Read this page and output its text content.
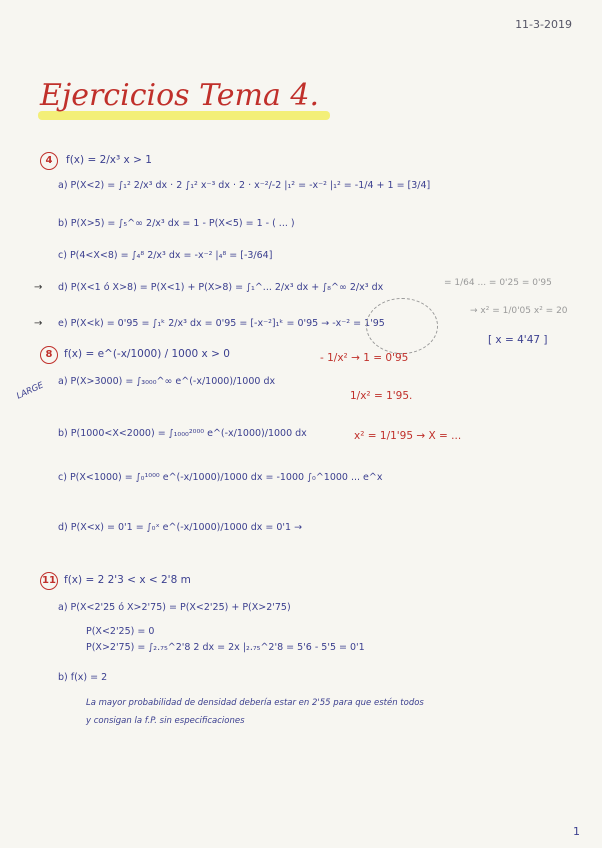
11-3-2019
Ejercicios Tema 4.
4	f(x) = 2/x³ x > 1
a) P(X<2) = ∫₁² 2/x³ dx · 2 ∫₁² x⁻³ dx · 2 · x⁻²/-2 |₁² = -x⁻² |₁² = -1/4 + 1 = [3/4]
b) P(X>5) = ∫₅^∞ 2/x³ dx = 1 - P(X<5) = 1 - ( ... )
c) P(4<X<8) = ∫₄⁸ 2/x³ dx = -x⁻² |₄⁸ = [-3/64]
→ d) P(X<1 ó X>8) = P(X<1) + P(X>8) = ∫₁^... 2/x³ dx + ∫₈^∞ 2/x³ dx	= 1/64 ... = 0'25 = 0'95
→ e) P(X<k) = 0'95 = ∫₁ᵏ 2/x³ dx = 0'95 = [-x⁻²]₁ᵏ = 0'95 → -x⁻² = 1'95
→ x² = 1/0'05 x² = 20
[ x = 4'47 ]
8	f(x) = e^(-x/1000) / 1000 x > 0
LARGE a) P(X>3000) = ∫₃₀₀₀^∞ e^(-x/1000)/1000 dx
b) P(1000<X<2000) = ∫₁₀₀₀²⁰⁰⁰ e^(-x/1000)/1000 dx
c) P(X<1000) = ∫₀¹⁰⁰⁰ e^(-x/1000)/1000 dx = -1000 ∫₀^1000 ... e^x
d) P(X<x) = 0'1 = ∫₀ˣ e^(-x/1000)/1000 dx = 0'1 →
- 1/x² → 1 = 0'95
1/x² = 1'95.
x² = 1/1'95 → X = ...
11 f(x) = 2 2'3 < x < 2'8 m
a) P(X<2'25 ó X>2'75) = P(X<2'25) + P(X>2'75)
P(X<2'25) = 0
P(X>2'75) = ∫₂.₇₅^2'8 2 dx = 2x |₂.₇₅^2'8 = 5'6 - 5'5 = 0'1
b) f(x) = 2
La mayor probabilidad de densidad debería estar en 2'55 para que estén todos
y consigan la f.P. sin especificaciones
1
